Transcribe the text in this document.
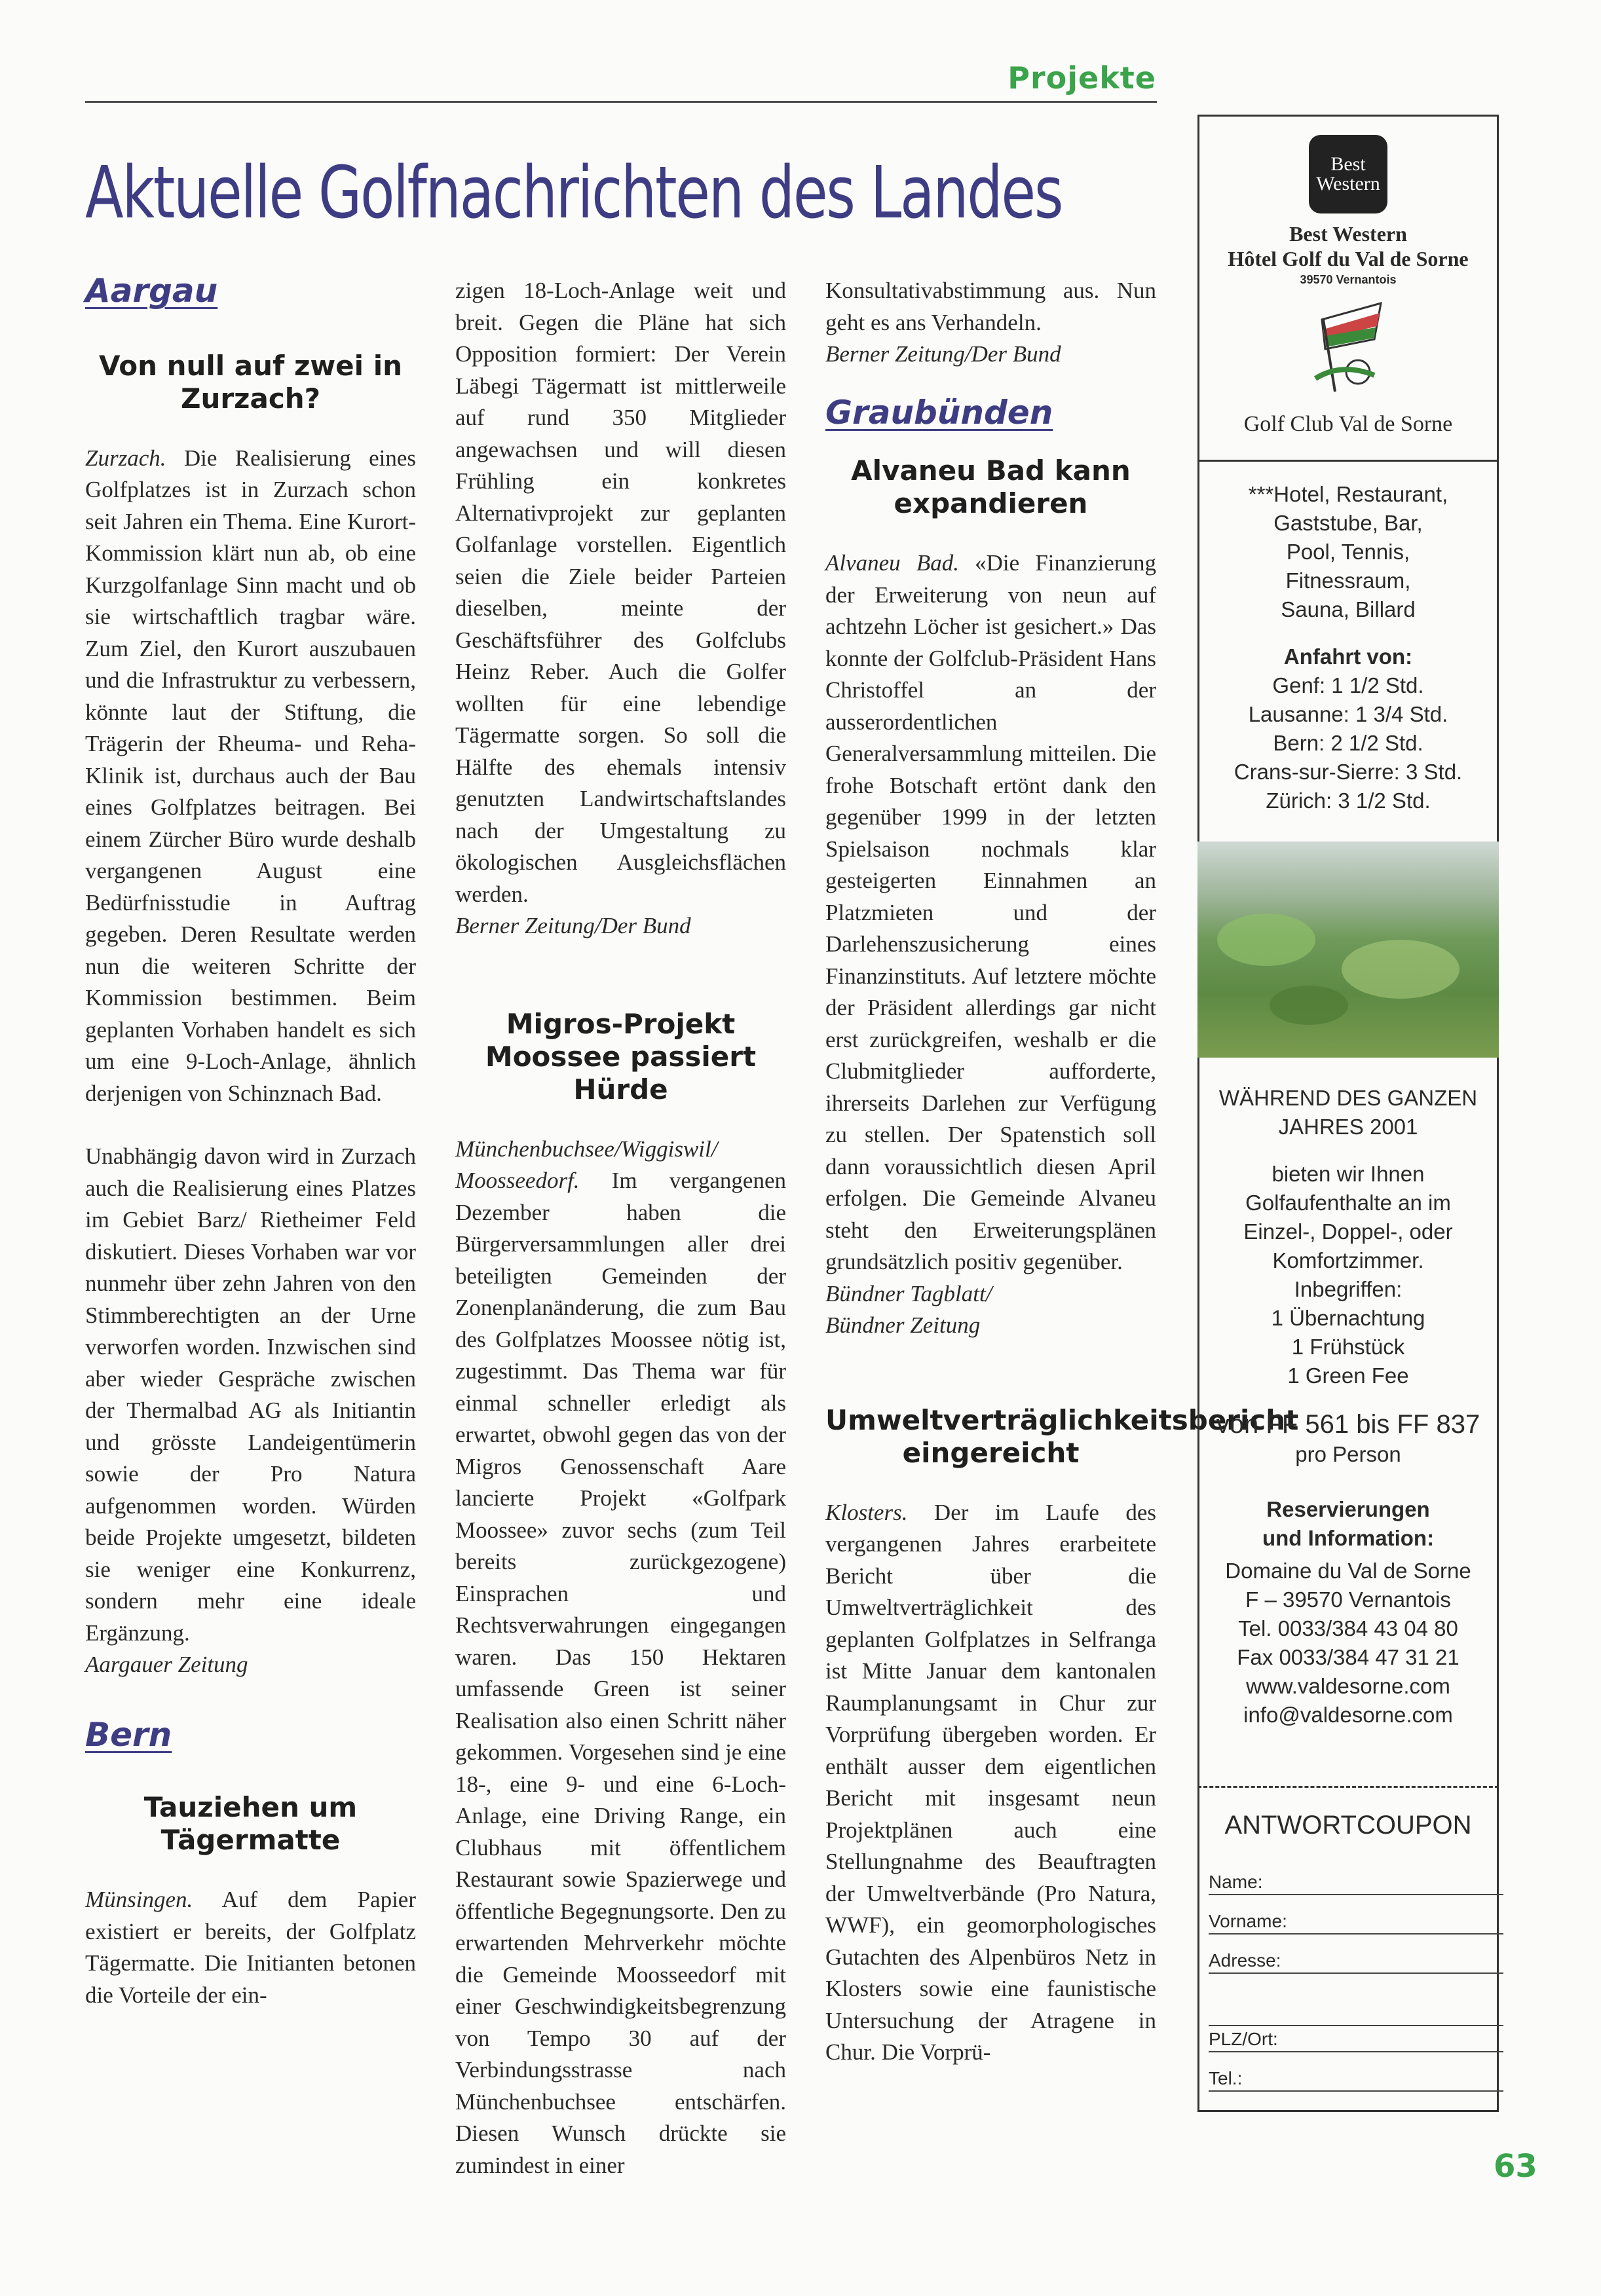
Projekte
Aktuelle Golfnachrichten des Landes
Aargau
Von null auf zwei in Zurzach?

Zurzach. Die Realisierung eines Golfplatzes ist in Zurzach schon seit Jahren ein Thema. Eine Kurort-Kommission klärt nun ab, ob eine Kurzgolfanlage Sinn macht und ob sie wirtschaftlich tragbar wäre. Zum Ziel, den Kurort auszubauen und die Infrastruktur zu verbessern, könnte laut der Stiftung, die Trägerin der Rheuma- und Reha-Klinik ist, durchaus auch der Bau eines Golfplatzes beitragen. Bei einem Zürcher Büro wurde deshalb vergangenen August eine Bedürfnisstudie in Auftrag gegeben. Deren Resultate werden nun die weiteren Schritte der Kommission bestimmen. Beim geplanten Vorhaben handelt es sich um eine 9-Loch-Anlage, ähnlich derjenigen von Schinznach Bad.

Unabhängig davon wird in Zurzach auch die Realisierung eines Platzes im Gebiet Barz/ Rietheimer Feld diskutiert. Dieses Vorhaben war vor nunmehr über zehn Jahren von den Stimmberechtigten an der Urne verworfen worden. Inzwischen sind aber wieder Gespräche zwischen der Thermalbad AG als Initiantin und grösste Landeigentümerin sowie der Pro Natura aufgenommen worden. Würden beide Projekte umgesetzt, bildeten sie weniger eine Konkurrenz, sondern mehr eine ideale Ergänzung.

Aargauer Zeitung

Bern
Tauziehen um Tägermatte

Münsingen. Auf dem Papier existiert er bereits, der Golfplatz Tägermatte. Die Initianten betonen die Vorteile der ein-

zigen 18-Loch-Anlage weit und breit. Gegen die Pläne hat sich Opposition formiert: Der Verein Läbegi Tägermatt ist mittlerweile auf rund 350 Mitglieder angewachsen und will diesen Frühling ein konkretes Alternativprojekt zur geplanten Golfanlage vorstellen. Eigentlich seien die Ziele beider Parteien dieselben, meinte der Geschäftsführer des Golfclubs Heinz Reber. Auch die Golfer wollten für eine lebendige Tägermatte sorgen. So soll die Hälfte des ehemals intensiv genutzten Landwirtschaftslandes nach der Umgestaltung zu ökologischen Ausgleichsflächen werden.

Berner Zeitung/Der Bund

Migros-Projekt Moossee passiert Hürde

Münchenbuchsee/Wiggiswil/ Moosseedorf. Im vergangenen Dezember haben die Bürgerversammlungen aller drei beteiligten Gemeinden der Zonenplanänderung, die zum Bau des Golfplatzes Moossee nötig ist, zugestimmt. Das Thema war für einmal schneller erledigt als erwartet, obwohl gegen das von der Migros Genossenschaft Aare lancierte Projekt «Golfpark Moossee» zuvor sechs (zum Teil bereits zurückgezogene) Einsprachen und Rechtsverwahrungen eingegangen waren. Das 150 Hektaren umfassende Green ist seiner Realisation also einen Schritt näher gekommen. Vorgesehen sind je eine 18-, eine 9- und eine 6-Loch-Anlage, eine Driving Range, ein Clubhaus mit öffentlichem Restaurant sowie Spazierwege und öffentliche Begegnungsorte. Den zu erwartenden Mehrverkehr möchte die Gemeinde Moosseedorf mit einer Geschwindigkeitsbegrenzung von Tempo 30 auf der Verbindungsstrasse nach Münchenbuchsee entschärfen. Diesen Wunsch drückte sie zumindest in einer

Konsultativabstimmung aus. Nun geht es ans Verhandeln.

Berner Zeitung/Der Bund

Graubünden
Alvaneu Bad kann expandieren

Alvaneu Bad. «Die Finanzierung der Erweiterung von neun auf achtzehn Löcher ist gesichert.» Das konnte der Golfclub-Präsident Hans Christoffel an der ausserordentlichen Generalversammlung mitteilen. Die frohe Botschaft ertönt dank den gegenüber 1999 in der letzten Spielsaison nochmals klar gesteigerten Einnahmen an Platzmieten und der Darlehenszusicherung eines Finanzinstituts. Auf letztere möchte der Präsident allerdings gar nicht erst zurückgreifen, weshalb er die Clubmitglieder aufforderte, ihrerseits Darlehen zur Verfügung zu stellen. Der Spatenstich soll dann voraussichtlich diesen April erfolgen. Die Gemeinde Alvaneu steht den Erweiterungsplänen grundsätzlich positiv gegenüber.

Bündner Tagblatt/

Bündner Zeitung

Umweltverträglichkeitsbericht eingereicht

Klosters. Der im Laufe des vergangenen Jahres erarbeitete Bericht über die Umweltverträglichkeit des geplanten Golfplatzes in Selfranga ist Mitte Januar dem kantonalen Raumplanungsamt in Chur zur Vorprüfung übergeben worden. Er enthält ausser dem eigentlichen Bericht mit insgesamt neun Projektplänen auch eine Stellungnahme des Beauftragten der Umweltverbände (Pro Natura, WWF), ein geomorphologisches Gutachten des Alpenbüros Netz in Klosters sowie eine faunistische Untersuchung der Atragene in Chur. Die Vorprü-

Best
Western
Best Western
Hôtel Golf du Val de Sorne
39570 Vernantois
Golf Club Val de Sorne
***Hotel, Restaurant,
Gaststube, Bar,
Pool, Tennis,
Fitnessraum,
Sauna, Billard
Anfahrt von:
Genf: 1 1/2 Std.
Lausanne: 1 3/4 Std.
Bern: 2 1/2 Std.
Crans-sur-Sierre: 3 Std.
Zürich: 3 1/2 Std.
WÄHREND DES GANZEN
JAHRES 2001
bieten wir Ihnen
Golfaufenthalte an im
Einzel-, Doppel-, oder
Komfortzimmer.
Inbegriffen:
1 Übernachtung
1 Frühstück
1 Green Fee
von FF 561 bis FF 837
pro Person
Reservierungen
und Information:
Domaine du Val de Sorne
F – 39570 Vernantois
Tel. 0033/384 43 04 80
Fax 0033/384 47 31 21
www.valdesorne.com
info@valdesorne.com
ANTWORTCOUPON
Name:
Vorname:
Adresse:
PLZ/Ort:
Tel.:
63
